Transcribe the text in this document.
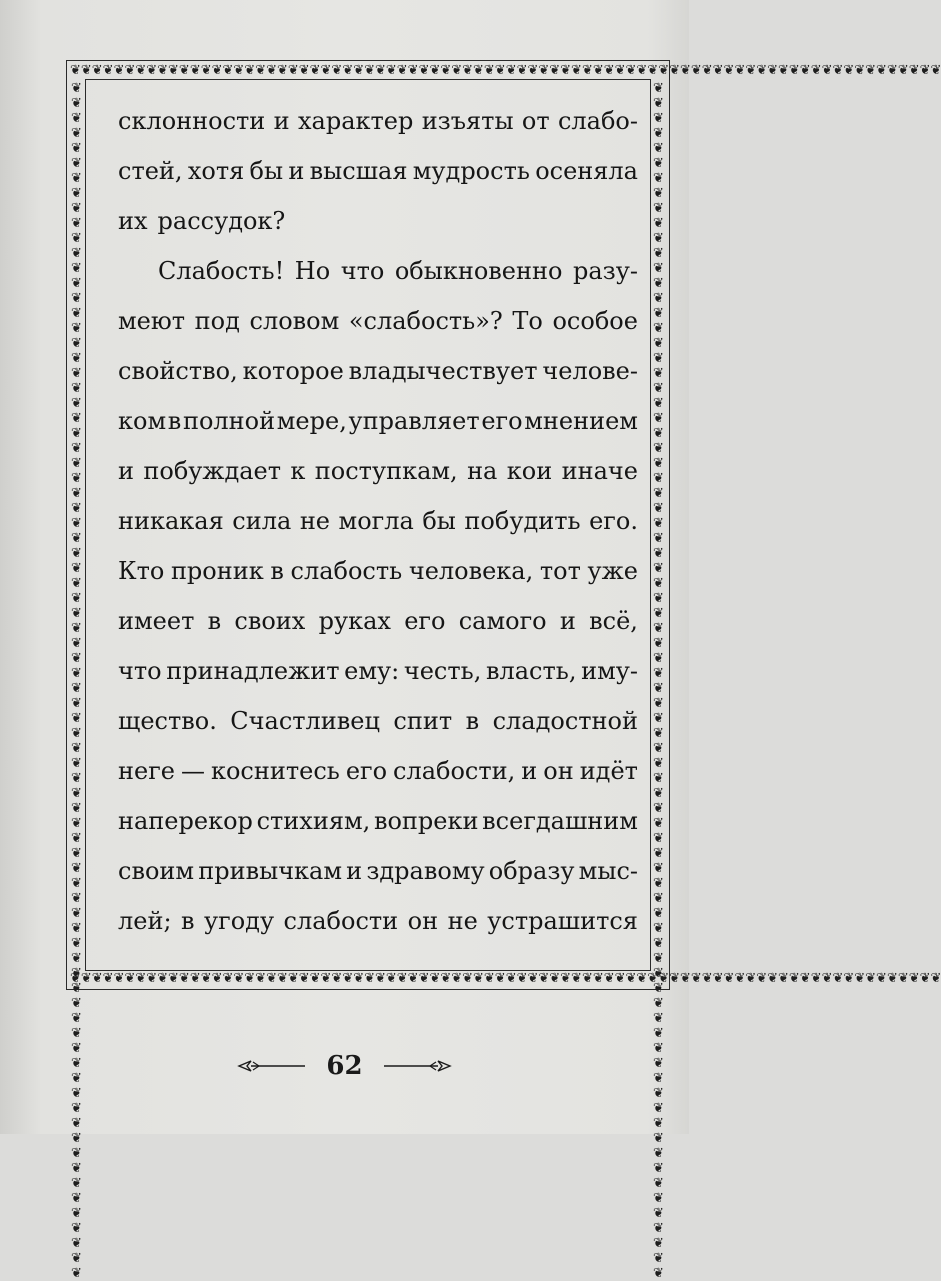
❦❦❦❦❦❦❦❦❦❦❦❦❦❦❦❦❦❦❦❦❦❦❦❦❦❦❦❦❦❦❦❦❦❦❦❦❦❦❦❦❦❦❦❦❦❦❦❦❦❦❦❦❦❦❦❦❦❦❦❦❦❦❦❦❦❦❦❦❦❦❦❦❦❦❦❦❦❦❦❦
❦❦❦❦❦❦❦❦❦❦❦❦❦❦❦❦❦❦❦❦❦❦❦❦❦❦❦❦❦❦❦❦❦❦❦❦❦❦❦❦❦❦❦❦❦❦❦❦❦❦❦❦❦❦❦❦❦❦❦❦❦❦❦❦❦❦❦❦❦❦❦❦❦❦❦❦❦❦❦❦
❦❦❦❦❦❦❦❦❦❦❦❦❦❦❦❦❦❦❦❦❦❦❦❦❦❦❦❦❦❦❦❦❦❦❦❦❦❦❦❦❦❦❦❦❦❦❦❦❦❦❦❦❦❦❦❦❦❦❦❦❦❦❦❦❦❦❦❦❦❦❦❦❦❦❦❦❦❦❦❦	❦❦❦❦❦❦❦❦❦❦❦❦❦❦❦❦❦❦❦❦❦❦❦❦❦❦❦❦❦❦❦❦❦❦❦❦❦❦❦❦❦❦❦❦❦❦❦❦❦❦❦❦❦❦❦❦❦❦❦❦❦❦❦❦❦❦❦❦❦❦❦❦❦❦❦❦❦❦❦❦
склонности и характер изъяты от слабо-
стей, хотя бы и высшая мудрость осеняла
их рассудок?
Слабость! Но что обыкновенно разу-
меют под словом «слабость»? То особое
свойство, которое владычествует челове-
ком в полной мере, управляет его мнением
и побуждает к поступкам, на кои иначе
никакая сила не могла бы побудить его.
Кто проник в слабость человека, тот уже
имеет в своих руках его самого и всё,
что принадлежит ему: честь, власть, иму-
щество. Счастливец спит в сладостной
неге — коснитесь его слабости, и он идёт
наперекор стихиям, вопреки всегдашним
своим привычкам и здравому образу мыс-
лей; в угоду слабости он не устрашится
62
